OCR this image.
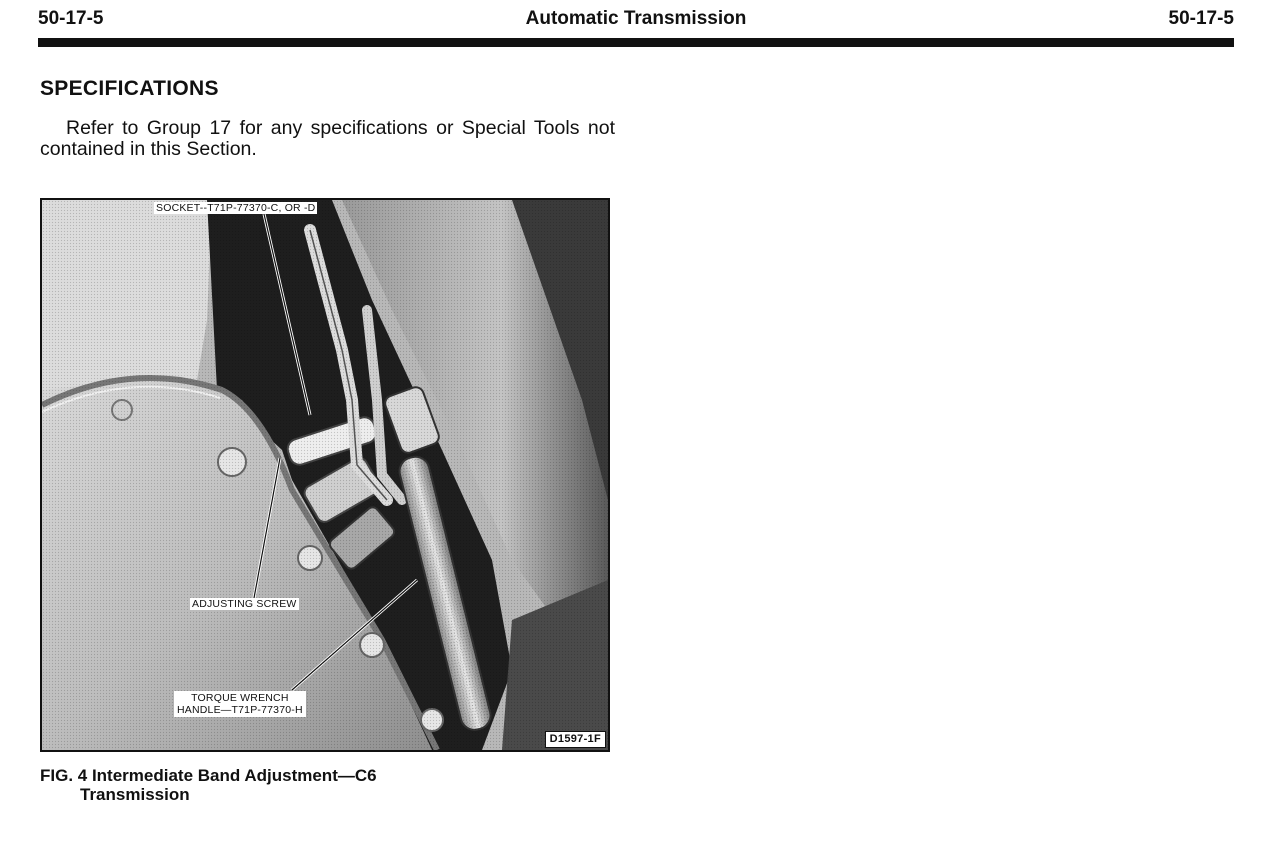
Automatic Transmission
50-17-5	50-17-5
SPECIFICATIONS
Refer to Group 17 for any specifications or Special Tools not contained in this Section.
SOCKET--T71P-77370-C, OR -D
ADJUSTING SCREW
TORQUE WRENCH
HANDLE—T71P-77370-H
D1597-1F
FIG. 4 Intermediate Band Adjustment—C6
Transmission
